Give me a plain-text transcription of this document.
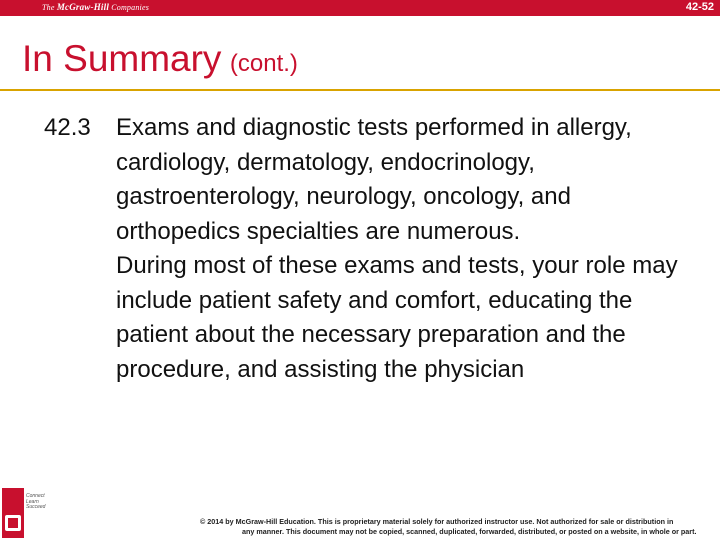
The McGraw-Hill Companies	42-52
In Summary (cont.)
42.3	Exams and diagnostic tests performed in allergy, cardiology, dermatology, endocrinology, gastroenterology, neurology, oncology, and orthopedics specialties are numerous.

During most of these exams and tests, your role may include patient safety and comfort, educating the patient about the necessary preparation and the procedure, and assisting the physician

Connect
Learn
Succeed
© 2014 by McGraw-Hill Education. This is proprietary material solely for authorized instructor use. Not authorized for sale or distribution in
any manner. This document may not be copied, scanned, duplicated, forwarded, distributed, or posted on a website, in whole or part.
